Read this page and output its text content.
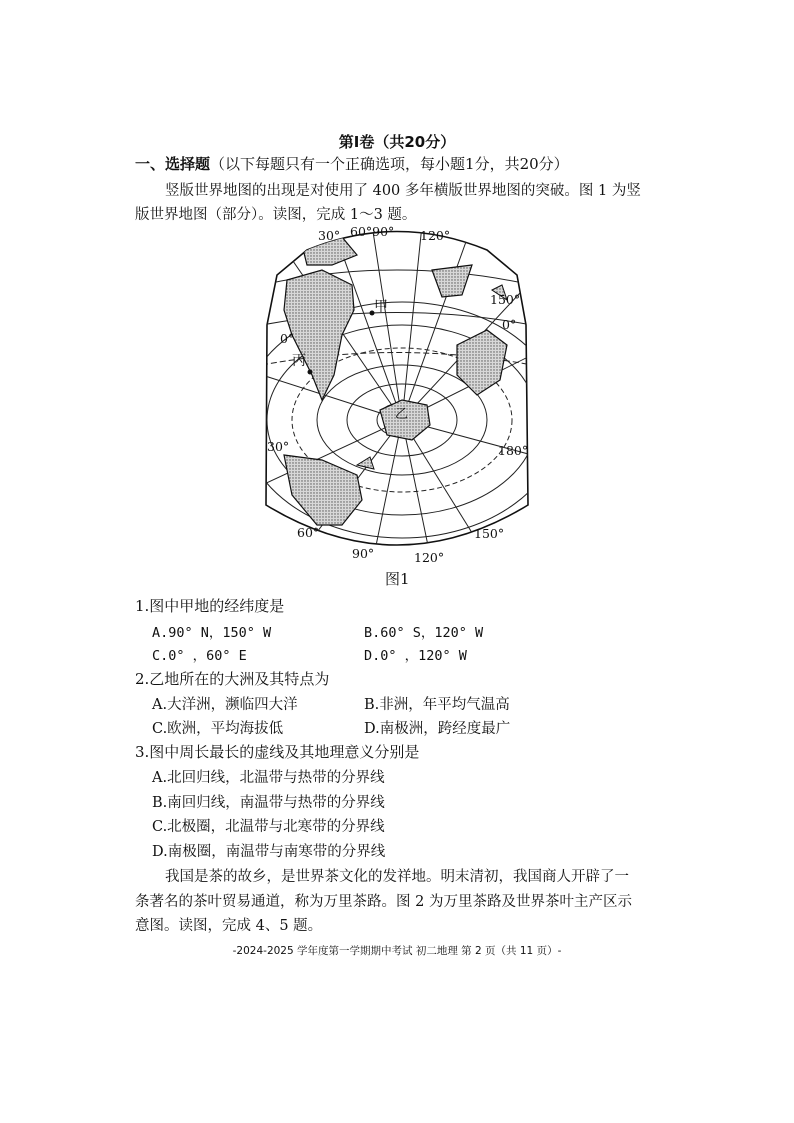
第Ⅰ卷（共20分）
一、选择题（以下每题只有一个正确选项，每小题1分，共20分）
竖版世界地图的出现是对使用了 400 多年横版世界地图的突破。图 1 为竖
版世界地图（部分）。读图，完成 1～3 题。
30° 60°90° 120°
150°
0°
0°
30°	180°
60°
90°	120°
150°
甲
乙
丙
图1
1.图中甲地的经纬度是
A.90° N，150° W	B.60° S，120° W
C.0° ，60° E	D.0° ，120° W
2.乙地所在的大洲及其特点为
A.大洋洲，濒临四大洋	B.非洲，年平均气温高
C.欧洲，平均海拔低	D.南极洲，跨经度最广
3.图中周长最长的虚线及其地理意义分别是
A.北回归线，北温带与热带的分界线
B.南回归线，南温带与热带的分界线
C.北极圈，北温带与北寒带的分界线
D.南极圈，南温带与南寒带的分界线
我国是茶的故乡，是世界茶文化的发祥地。明末清初，我国商人开辟了一
条著名的茶叶贸易通道，称为万里茶路。图 2 为万里茶路及世界茶叶主产区示
意图。读图，完成 4、5 题。
-2024-2025 学年度第一学期期中考试 初二地理 第 2 页（共 11 页）-
